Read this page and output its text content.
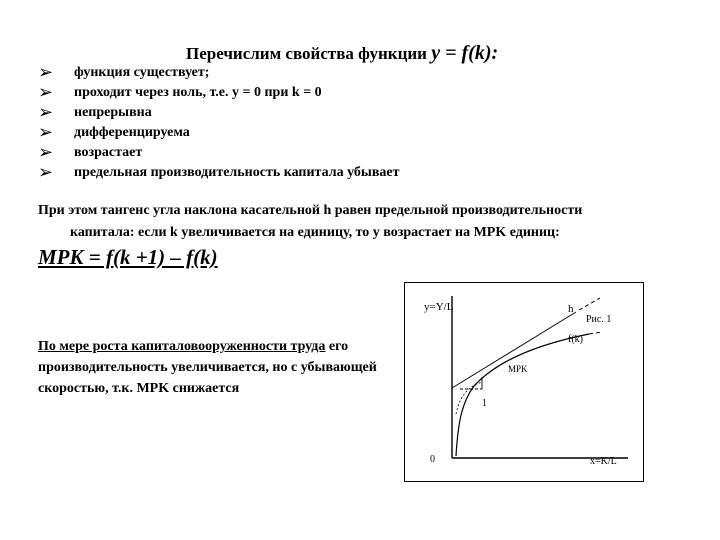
Перечислим свойства функции y = f(k):
➢ функция существует;
➢ проходит через ноль, т.е. y = 0 при k = 0
➢ непрерывна
➢ дифференцируема
➢ возрастает
➢ предельная производительность капитала убывает
При этом тангенс угла наклона касательной h равен предельной производительности
капитала: если k увеличивается на единицу, то y возрастает на MPK единиц:
MPK = f(k +1) – f(k)
По мере роста капиталовооруженности труда его производительность увеличивается, но с убывающей скоростью, т.к. MPK снижается
y=Y/L
x=K/L
h
Рис. 1
f(k)
MPK
1
0
